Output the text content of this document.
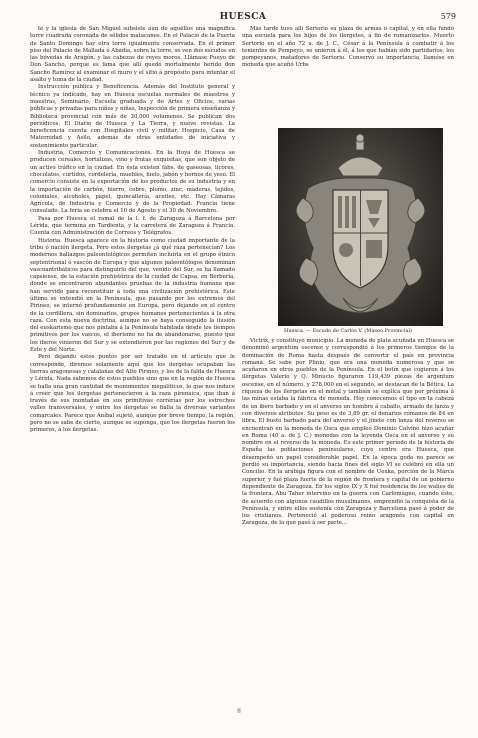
HUESCA	579

te y la iglesia de San Miguel subsiste aún de aquéllos una magnífica torre cuadrada coronada de sólidos matacanes. En el Palacio de la Puerta de Santo Domingo hay otra torre igualmente conservada. En el primer piso del Palacio de Mallada ó Abadía, sobre la torre, se ven dos escudos en las bóvedas de Aragón, y las cabezas de reyes moros. Llámase Pueyo de Don Sancho, porque es fama que allí quedó mortalmente herido don Sancho Ramírez al examinar el muro y el sitio á propósito para intentar el asalto y toma de la ciudad.

Instrucción pública y Beneficencia. Además del Instituto general y técnico ya indicado, hay en Huesca escuelas normales de maestros y maestras, Seminario, Escuela graduada y de Artes y Oficios, varias públicas y privadas para niños y niñas, Inspección de primera enseñanza y Biblioteca provincial con más de 30,000 volúmenes. Se publican dos periódicos, El Diario de Huesca y La Tierra, y nueve revistas. La beneficencia cuenta con Hospitales civil y militar, Hospicio, Casa de Maternidad y Asilo, además de otras entidades de iniciativa y sostenimiento particular.

Industria, Comercio y Comunicaciones. En la Hoya de Huesca se producen cereales, hortalizas, vino y frutas exquisitas, que son objeto de un activo tráfico en la ciudad. En ésta existen fábs. de gaseosas, licores, chocolates, curtidos, cordelería, muebles, hielo, jabón y hornos de yeso. El comercio consiste en la exportación de los productos de su industria y en la importación de carbón, hierro, cobre, plomo, zinc, maderas, tejidos, coloniales, alcoholes, papel, quincallería, aceites, etc. Hay Cámaras Agrícola, de Industria y Comercio y de la Propiedad. Francia tiene consulado. La feria se celebra el 10 de Agosto y el 30 de Noviembre.

Pasa por Huesca el ramal de la l. f. de Zaragoza á Barcelona por Lérida, que termina en Tardienta, y la carretera de Zaragoza á Francia. Cuenta con Administración de Correos y Telégrafos.

Historia. Huesca aparece en la historia como ciudad importante de la tribu ó nación ilergeta. Pero estos ilergetas ¿á qué raza pertenecían? Los modernos hallazgos paleontológicos permiten incluirla en el grupo étnico septentrional ó vascón de Europa y que algunos paleontólogos denominan vascoantribáticos para distinguirlo del que, venido del Sur, se ha llamado capsiense, de la estación prehistórica de la ciudad de Capsa, en Berbería, donde se encontraron abundantes pruebas de la industria humana que han servido para reconstituir á toda una civilización prehistórica. Este último se extendió en la Península, que pasando por los extremos del Pirineo, se internó profundamente en Europa, pero dejando en el centro de la cordillera, sin dominarlos, grupos humanos pertenecientes á la otra raza. Con esta nueva doctrina, aunque no se haya conseguido la ilusión del euskarismo que nos pintaba á la Península habitada desde los tiempos primitivos por los vascos, el iberismo no ha de abandonarse, puesto que los iberos vinieron del Sur y se extendieron por las regiones del Sur y de Este y del Norte.

Pero dejando estos puntos por ser tratado en el artículo que le corresponde, diremos solamente aquí que los ilergetas ocupaban las tierras aragonesas y catalanas del Alto Pirineo, y los de la falda de Huesca y Lérida. Nada sabemos de estos pueblos sino que en la región de Huesca se halla una gran cantidad de monumentos megalíticos, lo que nos induce á creer que los ilergetas pertenecieron á la raza pirenaica, que iban á través de sus montañas en sus primitivas correrías por los estrechos valles transversales, y entre los ilergetas se halla la diversas variantes comarcales. Parece que Aníbal sujetó, aunque por breve tiempo, la región, pero no se sabe de cierto, aunque se suponga, que los ilergetas fueron los primeros, á los ilergetas.

Más tarde tuvo allí Sertorio su plaza de armas ó capital, y en ella fundó una escuela para los hijos de los ilergetes, á fin de romanizarlos. Muerto Sertorio en el año 72 a. de J. C., César á la Península á combatir á los tenientes de Pompeyo, se unieron á él, á los que habían sido partidarios, los pompeyanos, matadores de Sertorio. Conservó su importancia, llamóse en moneda que acuñó Urbs

Huesca. — Escudo de Carlos V. (Museo Provincial)

Victrix, y constituyó municipio. La moneda de plata acuñada en Huesca se denominó argentum oscense y correspondió á los primeros tiempos de la dominación de Roma hasta después de convertir el país en provincia romana. Se sabe por Plinio, que era una moneda numerosa y que se acuñaron en otros pueblos de la Península. En el botín que cogieron á los ilergetas Valerio y Q. Minucio figuraron 119,439 piezas de argentum oscense, en el número, y 278,000 en el segundo, se destacan de la Bética. La riqueza de los ilergetas en el metal y también se explica que por próxima á las minas estaba la fábrica de moneda. Hoy conocemos el tipo en la cabeza de un ibero barbado y en el anverso un hombre á caballo, armado de lanza y con diversos atributos. Su peso es de 3,89 gr. el denarios romanos de 84 en libra. El busto barbado para del anverso y el jinete con lanza del reverso se encuentran en la moneda de Osca que empleó Dominio Calvino hizo acuñar en Roma (40 a. de J. C.) monedas con la leyenda Osca en el anverso y su nombre en el reverso de la moneda. Es este primer período de la historia de España las poblaciones peninsulares, cuyo centro era Huesca, que desempeñó un papel considerable papel. En la época goda no parece se perdió su importancia, siendo hacia fines del siglo VI se celebró en ella un Concilio. En la arábiga figura con el nombre de Uexka, porción de la Marca superior, y fué plaza fuerte de la región de frontera y capital de un gobierno dependiente de Zaragoza. En los siglos IX y X fué residencia de los walíes de la frontera. Abu Taher intervino en la guerra con Carlomagno, cuando éste, de acuerdo con algunos caudillos musulmanes, emprendió la conquista de la Península, y entre ellos sostenía con Zaragoza y Barcelona pasó á poder de los cristianos. Perteneció al poderoso reino aragonés con capital en Zaragoza, de la que pasó á ser parte...

®
